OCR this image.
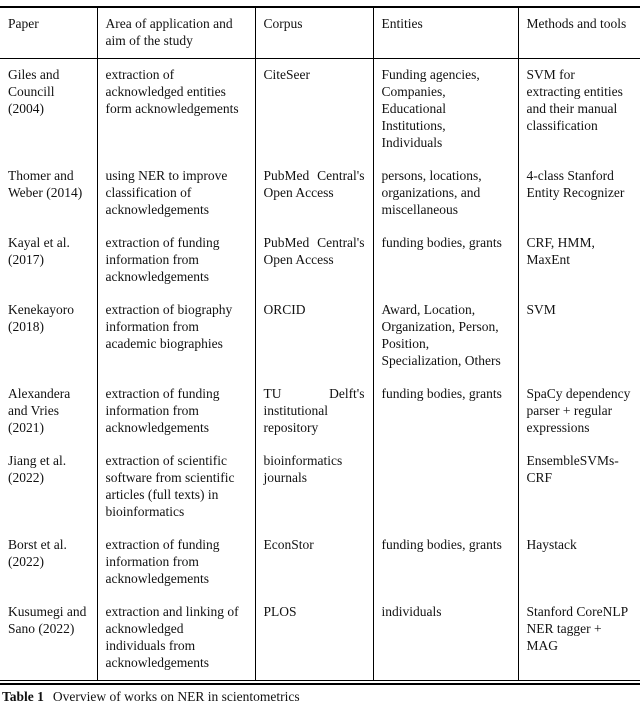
Paper	Area of application and aim of the study	Corpus	Entities	Methods and tools
Giles and Councill (2004)	extraction of acknowledged entities form acknowledgements	CiteSeer	Funding agencies, Companies, Educational Institutions, Individuals	SVM for extracting entities and their manual classification
Thomer and Weber (2014)	using NER to improve classification of acknowledgements	PubMed Central's Open Access	persons, locations, organizations, and miscellaneous	4-class Stanford Entity Recognizer
Kayal et al. (2017)	extraction of funding information from acknowledgements	PubMed Central's Open Access	funding bodies, grants	CRF, HMM, MaxEnt
Kenekayoro (2018)	extraction of biography information from academic biographies	ORCID	Award, Location, Organization, Person, Position, Specialization, Others	SVM
Alexandera and Vries (2021)	extraction of funding information from acknowledgements	TU Delft's institutional repository	funding bodies, grants	SpaCy dependency parser + regular expressions
Jiang et al. (2022)	extraction of scientific software from scientific articles (full texts) in bioinformatics	bioinformatics journals		EnsembleSVMs-CRF
Borst et al. (2022)	extraction of funding information from acknowledgements	EconStor	funding bodies, grants	Haystack
Kusumegi and Sano (2022)	extraction and linking of acknowledged individuals from acknowledgements	PLOS	individuals	Stanford CoreNLP NER tagger + MAG
Table 1 Overview of works on NER in scientometrics
